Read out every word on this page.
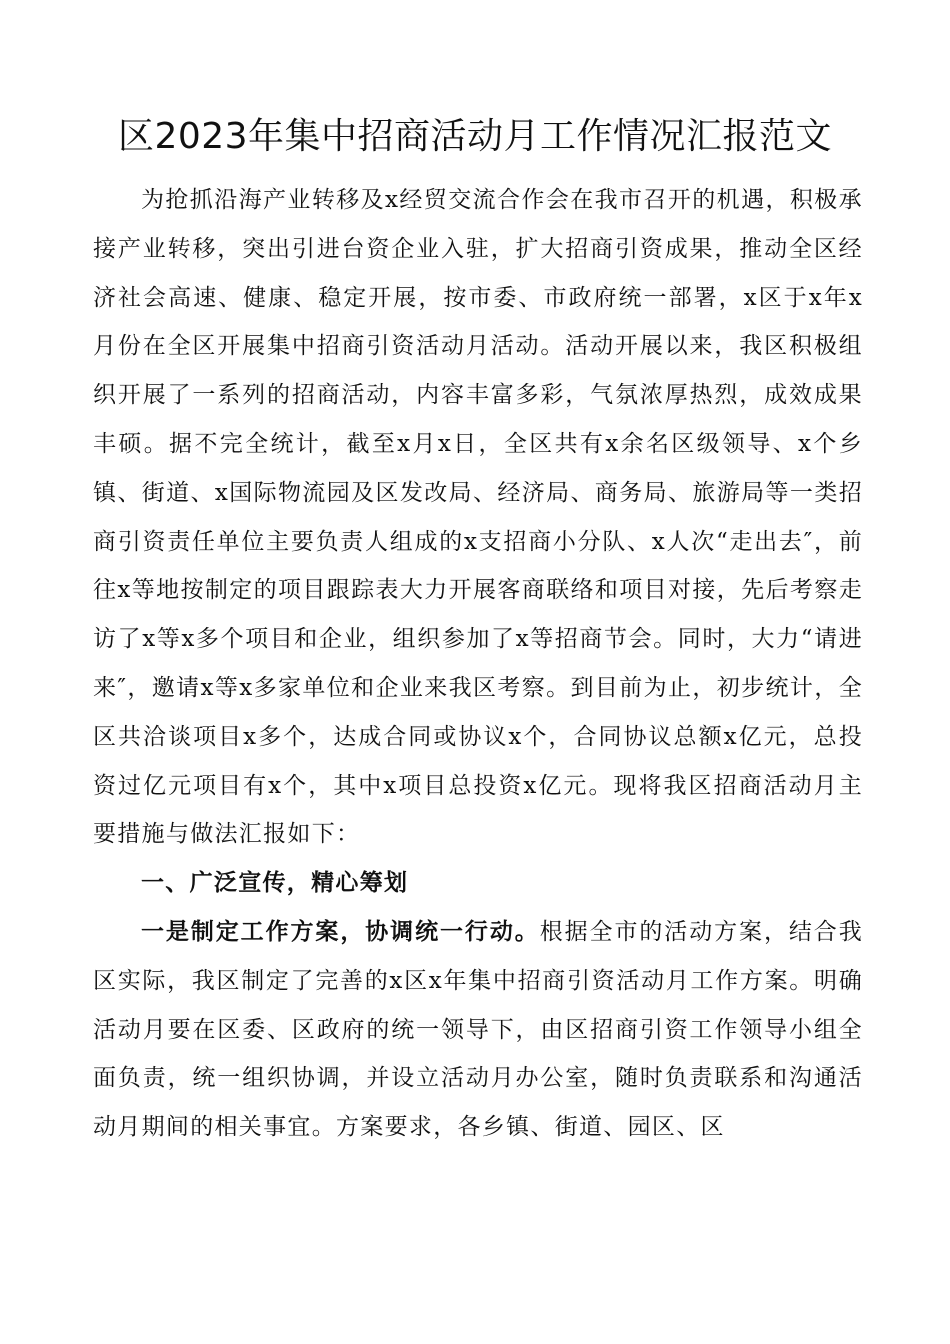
区2023年集中招商活动月工作情况汇报范文

为抢抓沿海产业转移及x经贸交流合作会在我市召开的机遇，积极承接产业转移，突出引进台资企业入驻，扩大招商引资成果，推动全区经济社会高速、健康、稳定开展，按市委、市政府统一部署，x区于x年x月份在全区开展集中招商引资活动月活动。活动开展以来，我区积极组织开展了一系列的招商活动，内容丰富多彩，气氛浓厚热烈，成效成果丰硕。据不完全统计，截至x月x日，全区共有x余名区级领导、x个乡镇、街道、x国际物流园及区发改局、经济局、商务局、旅游局等一类招商引资责任单位主要负责人组成的x支招商小分队、x人次“走出去″，前往x等地按制定的项目跟踪表大力开展客商联络和项目对接，先后考察走访了x等x多个项目和企业，组织参加了x等招商节会。同时，大力“请进来″，邀请x等x多家单位和企业来我区考察。到目前为止，初步统计，全区共洽谈项目x多个，达成合同或协议x个，合同协议总额x亿元，总投资过亿元项目有x个，其中x项目总投资x亿元。现将我区招商活动月主要措施与做法汇报如下：

一、广泛宣传，精心筹划

一是制定工作方案，协调统一行动。根据全市的活动方案，结合我区实际，我区制定了完善的x区x年集中招商引资活动月工作方案。明确活动月要在区委、区政府的统一领导下，由区招商引资工作领导小组全面负责，统一组织协调，并设立活动月办公室，随时负责联系和沟通活动月期间的相关事宜。方案要求，各乡镇、街道、园区、区
